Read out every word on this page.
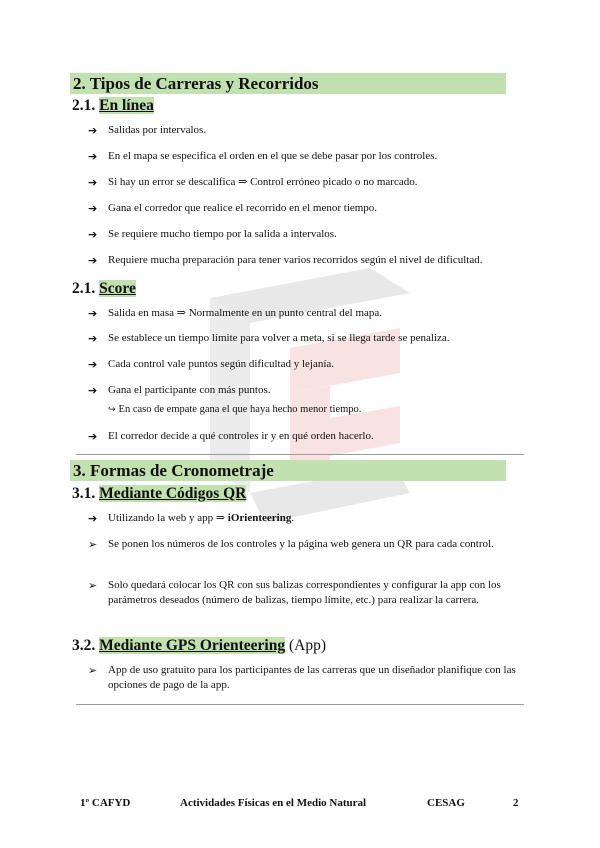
2. Tipos de Carreras y Recorridos
2.1. En línea
➔ Salidas por intervalos.
➔ En el mapa se especifica el orden en el que se debe pasar por los controles.
➔ Si hay un error se descalifica ⇒ Control erróneo picado o no marcado.
➔ Gana el corredor que realice el recorrido en el menor tiempo.
➔ Se requiere mucho tiempo por la salida a intervalos.
➔ Requiere mucha preparación para tener varios recorridos según el nivel de dificultad.
2.1. Score
➔ Salida en masa ⇒ Normalmente en un punto central del mapa.
➔ Se establece un tiempo límite para volver a meta, si se llega tarde se penaliza.
➔ Cada control vale puntos según dificultad y lejanía.
➔ Gana el participante con más puntos.
↪ En caso de empate gana el que haya hecho menor tiempo.
➔ El corredor decide a qué controles ir y en qué orden hacerlo.
3. Formas de Cronometraje
3.1. Mediante Códigos QR
➔ Utilizando la web y app ⇒ iOrienteering.
➢ Se ponen los números de los controles y la página web genera un QR para cada control.
➢ Solo quedará colocar los QR con sus balizas correspondientes y configurar la app con los parámetros deseados (número de balizas, tiempo límite, etc.) para realizar la carrera.
3.2. Mediante GPS Orienteering (App)
➢ App de uso gratuito para los participantes de las carreras que un diseñador planifique con las opciones de pago de la app.
1º CAFYD	Actividades Físicas en el Medio Natural	CESAG	2
